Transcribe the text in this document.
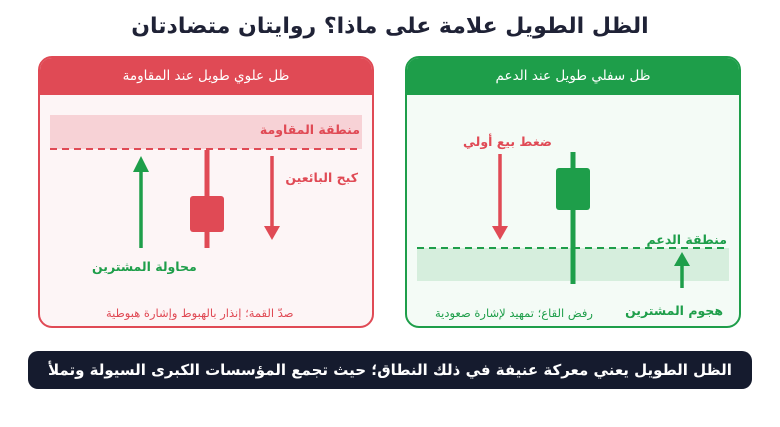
الظل الطويل علامة على ماذا؟ روايتان متضادتان
ظل علوي طويل عند المقاومة
منطقة المقاومة
كبح البائعين
محاولة المشترين
صدّ القمة؛ إنذار بالهبوط وإشارة هبوطية
ظل سفلي طويل عند الدعم
ضغط بيع أولي
منطقة الدعم
رفض القاع؛ تمهيد لإشارة صعودية	هجوم المشترين
الظل الطويل يعني معركة عنيفة في ذلك النطاق؛ حيث تجمع المؤسسات الكبرى السيولة وتملأ أوامرها
